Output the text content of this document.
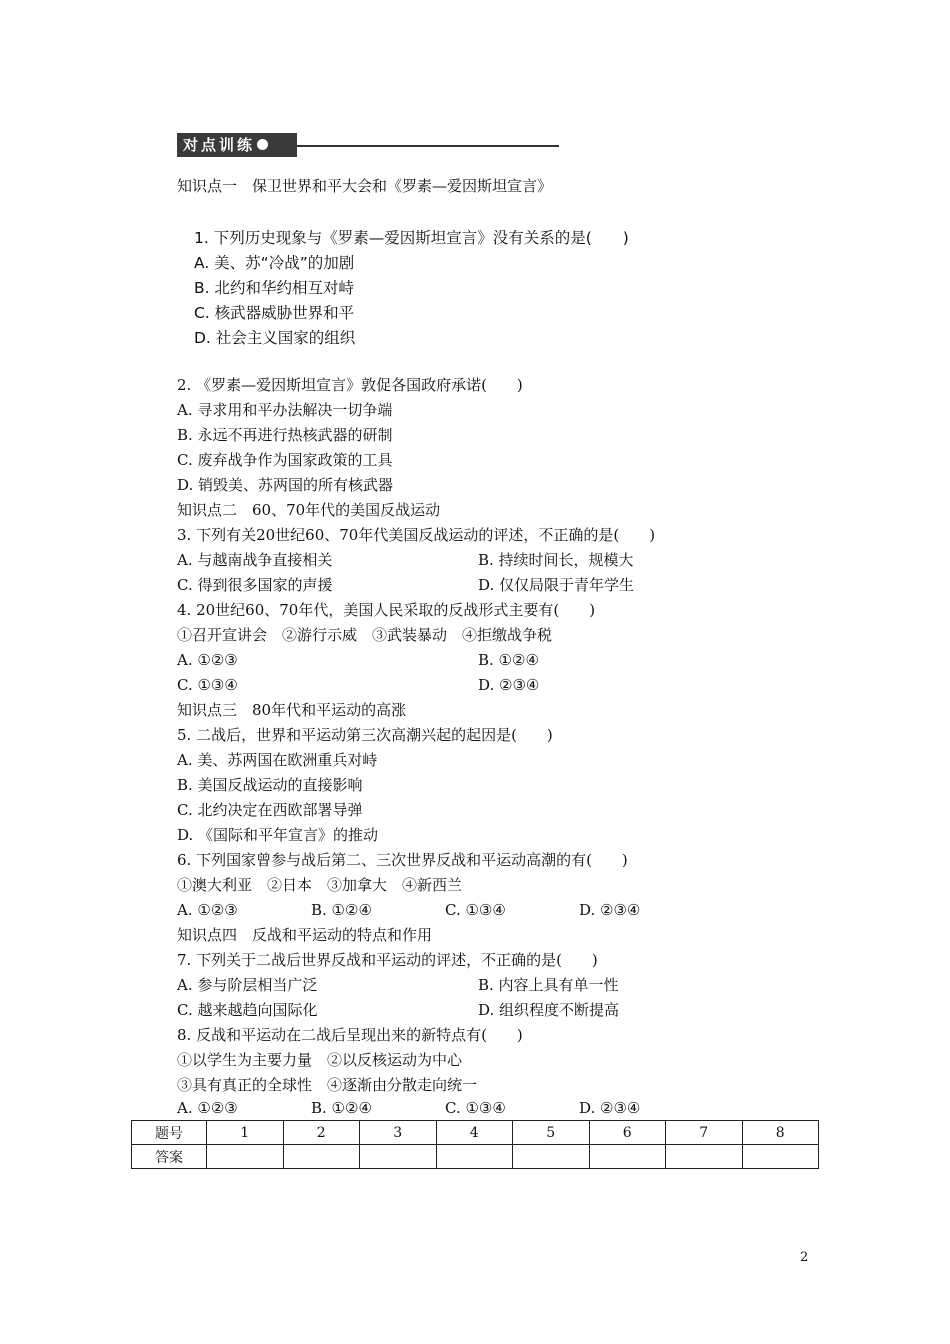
对点训练
知识点一　保卫世界和平大会和《罗素—爱因斯坦宣言》
1. 下列历史现象与《罗素—爱因斯坦宣言》没有关系的是(　　)
A. 美、苏“冷战”的加剧
B. 北约和华约相互对峙
C. 核武器威胁世界和平
D. 社会主义国家的组织
2. 《罗素—爱因斯坦宣言》敦促各国政府承诺(　　)
A. 寻求用和平办法解决一切争端
B. 永远不再进行热核武器的研制
C. 废弃战争作为国家政策的工具
D. 销毁美、苏两国的所有核武器
知识点二　60、70年代的美国反战运动
3. 下列有关20世纪60、70年代美国反战运动的评述，不正确的是(　　)
A. 与越南战争直接相关	B. 持续时间长，规模大
C. 得到很多国家的声援	D. 仅仅局限于青年学生
4. 20世纪60、70年代，美国人民采取的反战形式主要有(　　)
①召开宣讲会　②游行示威　③武装暴动　④拒缴战争税
A. ①②③	B. ①②④
C. ①③④	D. ②③④
知识点三　80年代和平运动的高涨
5. 二战后，世界和平运动第三次高潮兴起的起因是(　　)
A. 美、苏两国在欧洲重兵对峙
B. 美国反战运动的直接影响
C. 北约决定在西欧部署导弹
D. 《国际和平年宣言》的推动
6. 下列国家曾参与战后第二、三次世界反战和平运动高潮的有(　　)
①澳大利亚　②日本　③加拿大　④新西兰
A. ①②③	B. ①②④	C. ①③④	D. ②③④
知识点四　反战和平运动的特点和作用
7. 下列关于二战后世界反战和平运动的评述，不正确的是(　　)
A. 参与阶层相当广泛	B. 内容上具有单一性
C. 越来越趋向国际化	D. 组织程度不断提高
8. 反战和平运动在二战后呈现出来的新特点有(　　)
①以学生为主要力量　②以反核运动为中心
③具有真正的全球性　④逐渐由分散走向统一
A. ①②③	B. ①②④	C. ①③④	D. ②③④
题号	1	2	3	4	5	6	7	8
答案								
2
